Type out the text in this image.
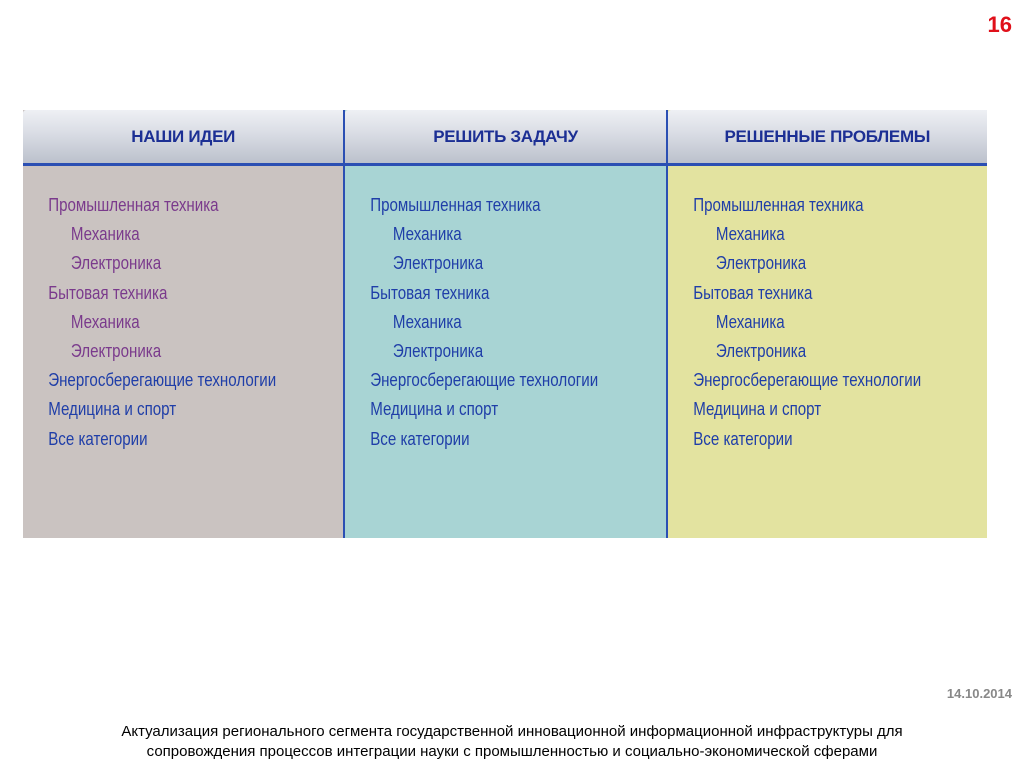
16
НАШИ ИДЕИ
Промышленная техника
Механика
Электроника
Бытовая техника
Механика
Электроника
Энергосберегающие технологии
Медицина и спорт
Все категории
РЕШИТЬ ЗАДАЧУ
Промышленная техника
Механика
Электроника
Бытовая техника
Механика
Электроника
Энергосберегающие технологии
Медицина и спорт
Все категории
РЕШЕННЫЕ ПРОБЛЕМЫ
Промышленная техника
Механика
Электроника
Бытовая техника
Механика
Электроника
Энергосберегающие технологии
Медицина и спорт
Все категории
14.10.2014
Актуализация регионального сегмента государственной инновационной информационной инфраструктуры для
сопровождения процессов интеграции науки с промышленностью и социально-экономической сферами
